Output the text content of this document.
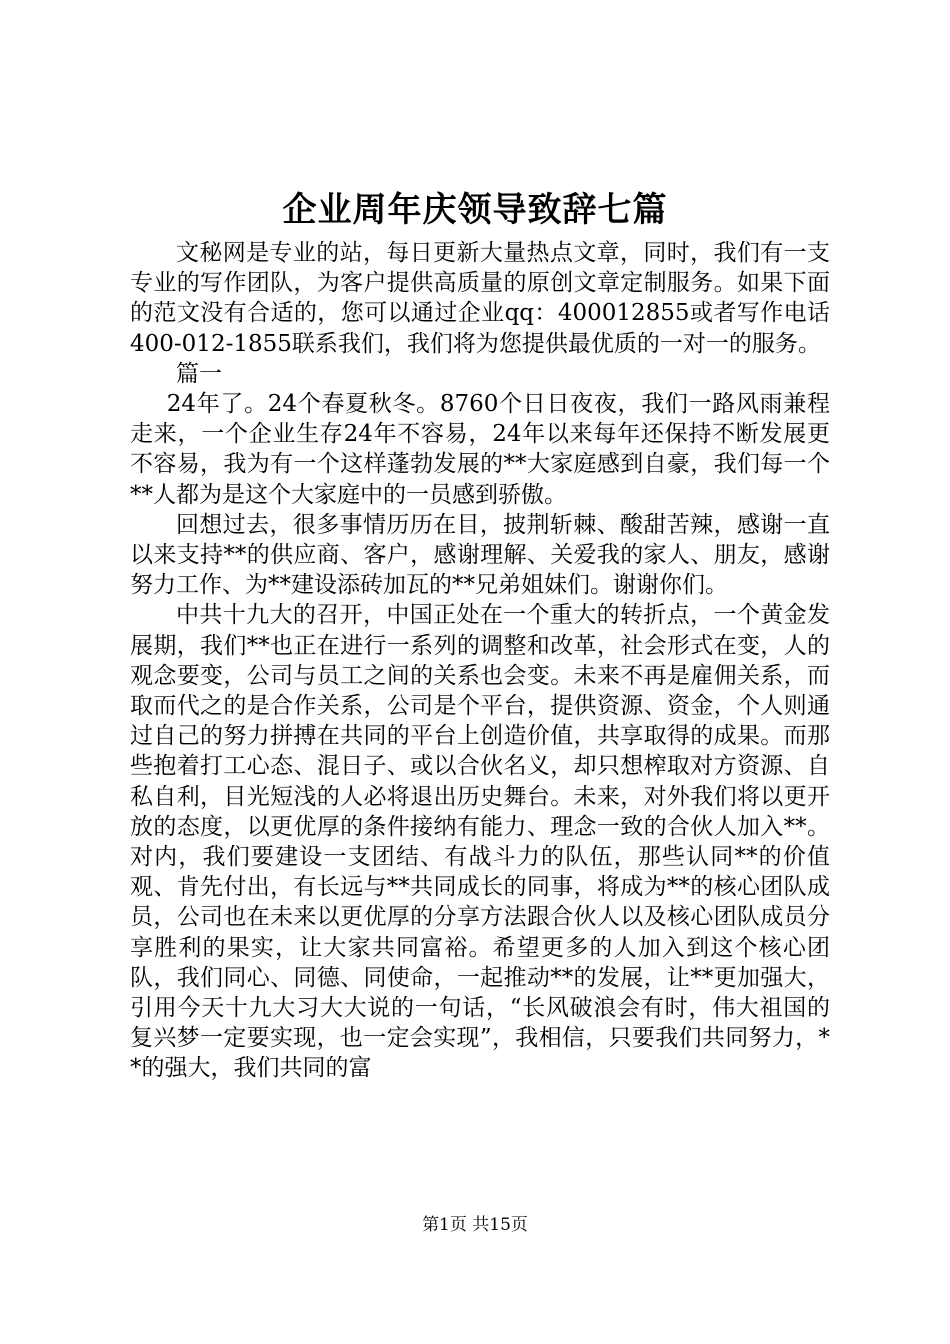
企业周年庆领导致辞七篇

文秘网是专业的站，每日更新大量热点文章，同时，我们有一支专业的写作团队，为客户提供高质量的原创文章定制服务。如果下面的范文没有合适的，您可以通过企业qq：400012855或者写作电话400-012-1855联系我们，我们将为您提供最优质的一对一的服务。

篇一

24年了。24个春夏秋冬。8760个日日夜夜，我们一路风雨兼程走来，一个企业生存24年不容易，24年以来每年还保持不断发展更不容易，我为有一个这样蓬勃发展的**大家庭感到自豪，我们每一个**人都为是这个大家庭中的一员感到骄傲。

回想过去，很多事情历历在目，披荆斩棘、酸甜苦辣，感谢一直以来支持**的供应商、客户，感谢理解、关爱我的家人、朋友，感谢努力工作、为**建设添砖加瓦的**兄弟姐妹们。谢谢你们。

中共十九大的召开，中国正处在一个重大的转折点，一个黄金发展期，我们**也正在进行一系列的调整和改革，社会形式在变，人的观念要变，公司与员工之间的关系也会变。未来不再是雇佣关系，而取而代之的是合作关系，公司是个平台，提供资源、资金，个人则通过自己的努力拼搏在共同的平台上创造价值，共享取得的成果。而那些抱着打工心态、混日子、或以合伙名义，却只想榨取对方资源、自私自利，目光短浅的人必将退出历史舞台。未来，对外我们将以更开放的态度，以更优厚的条件接纳有能力、理念一致的合伙人加入**。对内，我们要建设一支团结、有战斗力的队伍，那些认同**的价值观、肯先付出，有长远与**共同成长的同事，将成为**的核心团队成员，公司也在未来以更优厚的分享方法跟合伙人以及核心团队成员分享胜利的果实，让大家共同富裕。希望更多的人加入到这个核心团队，我们同心、同德、同使命，一起推动**的发展，让**更加强大，引用今天十九大习大大说的一句话，“长风破浪会有时，伟大祖国的复兴梦一定要实现，也一定会实现”，我相信，只要我们共同努力，**的强大，我们共同的富

第1页 共15页
